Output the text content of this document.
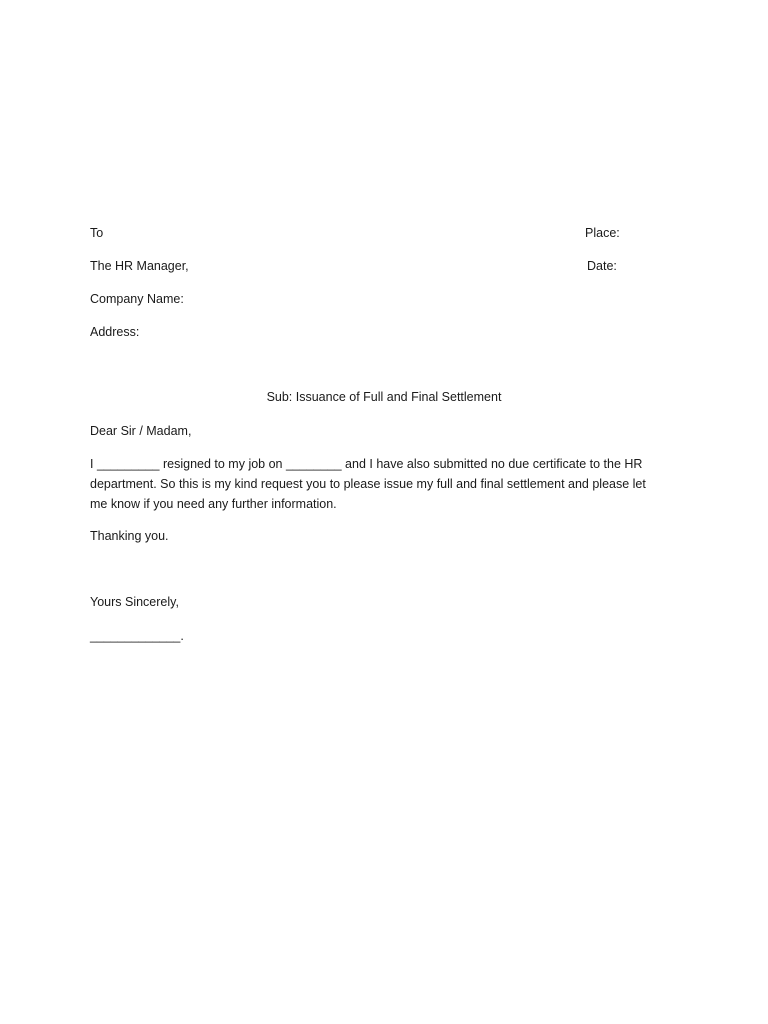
To	Place:
The HR Manager,	Date:
Company Name:
Address:
Sub: Issuance of Full and Final Settlement
Dear Sir / Madam,
I _________ resigned to my job on ________ and I have also submitted no due certificate to the HR
department. So this is my kind request you to please issue my full and final settlement and please let
me know if you need any further information.
Thanking you.
Yours Sincerely,
_____________.
